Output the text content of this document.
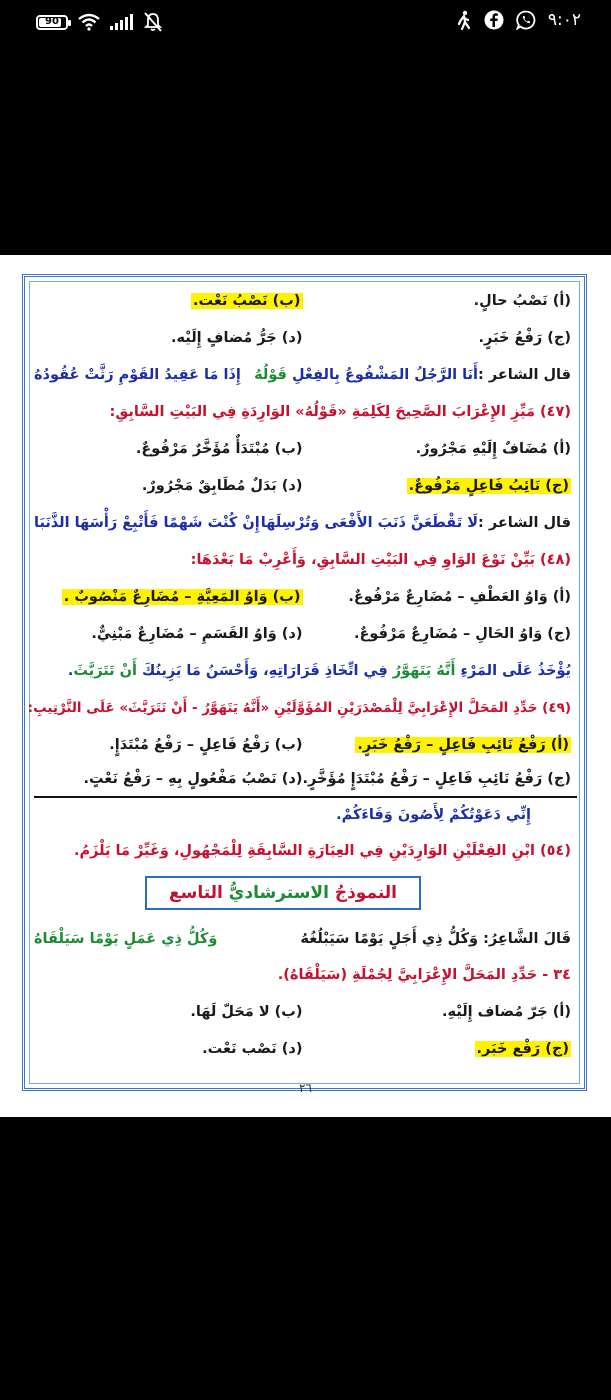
90	٩:٠٢
(أ) نَصْبُ حالٍ.
(ب) نَصْبُ نَعْت.
(ج) رَفْعُ خَبَرٍ.
(د) جَرُّ مُضافٍ إِلَيْه.
قال الشاعر :أَنَا الرَّجُلُ المَشْفُوعُ بِالفِعْلِ قَوْلُهُ
إِذَا مَا عَقِيدُ القَوْمِ رَثَّتْ عُقُودُهُ
(٤٧) مَيِّزِ الإِعْرَابَ الصَّحِيحَ لِكَلِمَةِ «قَوْلُهُ» الوَارِدَةِ فِي البَيْتِ السَّابِقِ:
(أ) مُضَافٌ إِلَيْهِ مَجْرُورٌ.
(ب) مُبْتَدَأٌ مُؤَخَّرٌ مَرْفُوعٌ.
(ج) نَائِبُ فَاعِلٍ مَرْفُوعٌ.
(د) بَدَلٌ مُطَابِقٌ مَجْرُورٌ.
قال الشاعر :لَا تَقْطَعَنَّ ذَنَبَ الأَفْعَى وَتُرْسِلَهَا
إِنْ كُنْتَ شَهْمًا فَأَتْبِعْ رَأْسَهَا الذَّنَبَا
(٤٨) بَيِّنْ نَوْعَ الوَاوِ فِي البَيْتِ السَّابِقِ، وَأَعْرِبْ مَا بَعْدَهَا:
(أ) وَاوُ العَطْفِ – مُضَارِعٌ مَرْفُوعٌ.
(ب) وَاوُ المَعِيَّةِ – مُضَارِعٌ مَنْصُوبٌ .
(ج) وَاوُ الحَالِ – مُضَارِعٌ مَرْفُوعٌ.
(د) وَاوُ القَسَمِ – مُضَارِعٌ مَبْنِيٌّ.
يُؤْخَذُ عَلَى المَرْءِ أَنَّهُ يَتَهَوَّرُ فِي اتِّخَاذِ قَرَارَاتِهِ، وَأَحْسَنُ مَا يَزِينُكَ أَنْ تَتَرَيَّثَ.
(٤٩) حَدِّدِ المَحَلَّ الإِعْرَابِيَّ لِلْمَصْدَرَيْنِ المُؤَوَّلَيْنِ «أَنَّهُ يَتَهَوَّرُ - أَنْ تَتَرَيَّثَ» عَلَى التَّرْتِيبِ:
(أ) رَفْعُ نَائِبِ فَاعِلٍ – رَفْعُ خَبَرٍ.
(ب) رَفْعُ فَاعِلٍ – رَفْعُ مُبْتَدَإٍ.
(ج) رَفْعُ نَائِبِ فَاعِلٍ – رَفْعُ مُبْتَدَإٍ مُؤَخَّرٍ.
(د) نَصْبُ مَفْعُولٍ بِهِ – رَفْعُ نَعْتٍ.
إِنِّي دَعَوْتُكُمْ لِأَصُونَ وَفَاءَكُمْ.
(٥٤) ابْنِ الفِعْلَيْنِ الوَارِدَيْنِ فِي العِبَارَةِ السَّابِقَةِ لِلْمَجْهُولِ، وَغَيِّرْ مَا يَلْزَمُ.
النموذجُ الاسترشاديُّ التاسع
قَالَ الشَّاعِرُ: وَكُلُّ ذِي أَجَلٍ يَوْمًا سَيَبْلُغُهُ
وَكُلُّ ذِي عَمَلٍ يَوْمًا سَيَلْقَاهُ
٣٤ - حَدِّدِ المَحَلَّ الإِعْرَابِيَّ لِجُمْلَةِ (سَيَلْقَاهُ).
(أ) جَرّ مُضاف إِلَيْهِ.
(ب) لا مَحَلّ لَهَا.
(ج) رَفْع خَبَر.
(د) نَصْب نَعْت.
٢٦
